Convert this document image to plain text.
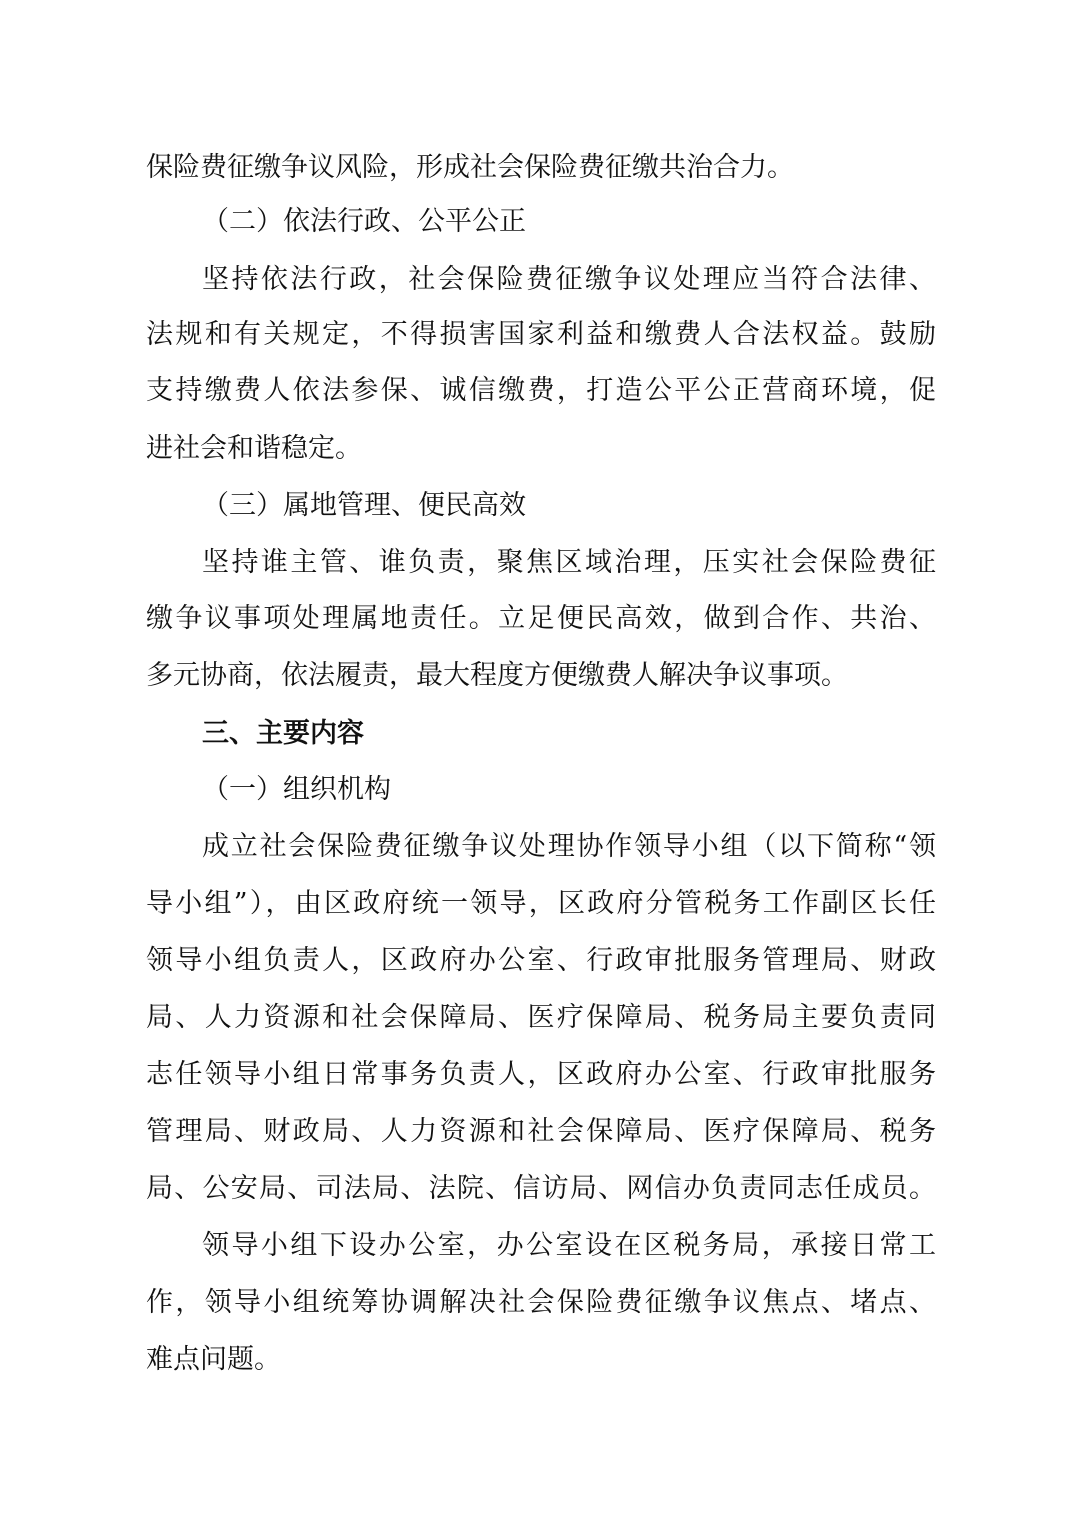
保险费征缴争议风险，形成社会保险费征缴共治合力。
（二）依法行政、公平公正
坚持依法行政，社会保险费征缴争议处理应当符合法律、
法规和有关规定，不得损害国家利益和缴费人合法权益。鼓励
支持缴费人依法参保、诚信缴费，打造公平公正营商环境，促
进社会和谐稳定。
（三）属地管理、便民高效
坚持谁主管、谁负责，聚焦区域治理，压实社会保险费征
缴争议事项处理属地责任。立足便民高效，做到合作、共治、
多元协商，依法履责，最大程度方便缴费人解决争议事项。
三、主要内容
（一）组织机构
成立社会保险费征缴争议处理协作领导小组（以下简称“领
导小组”），由区政府统一领导，区政府分管税务工作副区长任
领导小组负责人，区政府办公室、行政审批服务管理局、财政
局、人力资源和社会保障局、医疗保障局、税务局主要负责同
志任领导小组日常事务负责人，区政府办公室、行政审批服务
管理局、财政局、人力资源和社会保障局、医疗保障局、税务
局、公安局、司法局、法院、信访局、网信办负责同志任成员。
领导小组下设办公室，办公室设在区税务局，承接日常工
作，领导小组统筹协调解决社会保险费征缴争议焦点、堵点、
难点问题。
